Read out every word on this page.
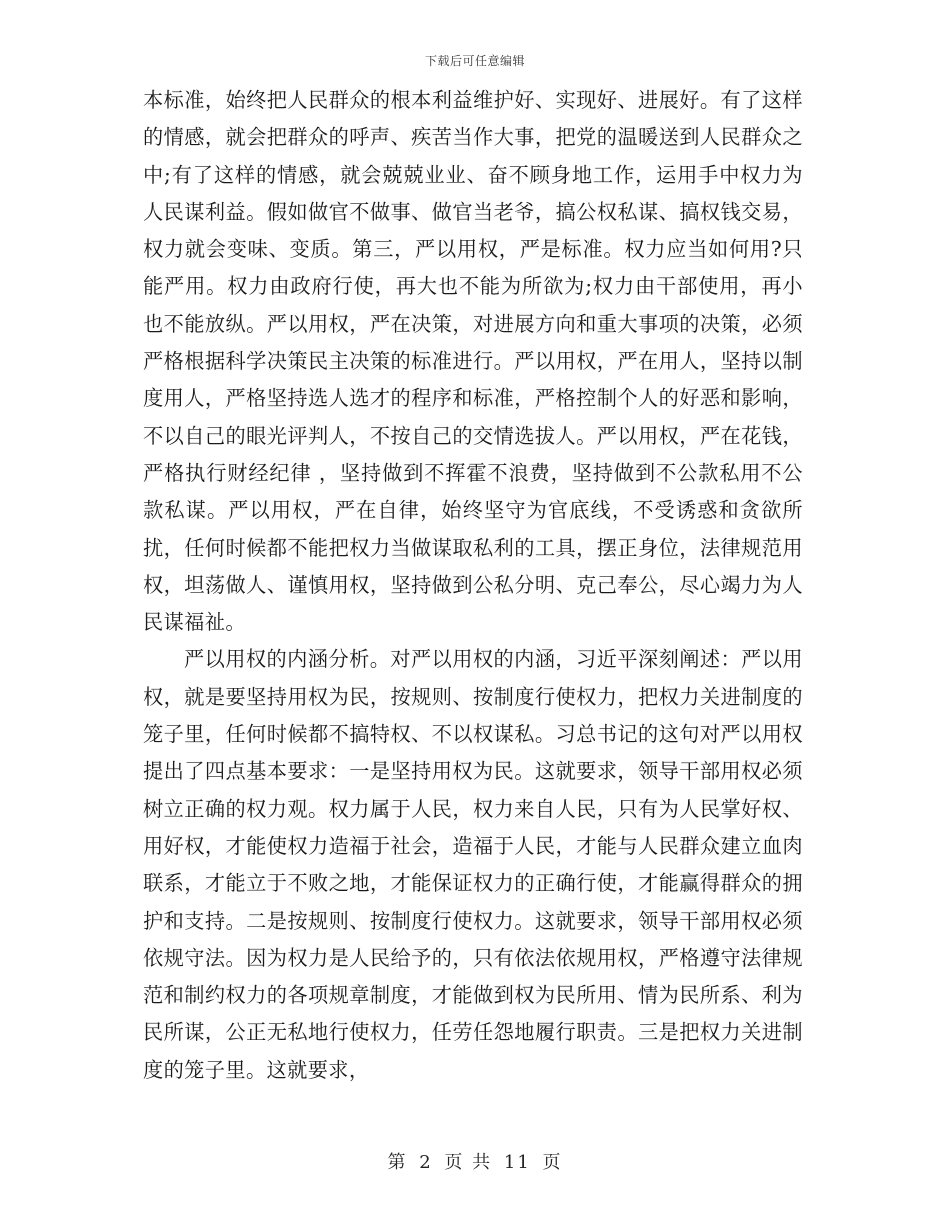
下载后可任意编辑

本标准，始终把人民群众的根本利益维护好、实现好、进展好。有了这样的情感，就会把群众的呼声、疾苦当作大事，把党的温暖送到人民群众之中;有了这样的情感，就会兢兢业业、奋不顾身地工作，运用手中权力为人民谋利益。假如做官不做事、做官当老爷，搞公权私谋、搞权钱交易，权力就会变味、变质。第三，严以用权，严是标准。权力应当如何用?只能严用。权力由政府行使，再大也不能为所欲为;权力由干部使用，再小也不能放纵。严以用权，严在决策，对进展方向和重大事项的决策，必须严格根据科学决策民主决策的标准进行。严以用权，严在用人，坚持以制度用人，严格坚持选人选才的程序和标准，严格控制个人的好恶和影响，不以自己的眼光评判人，不按自己的交情选拔人。严以用权，严在花钱，严格执行财经纪律 ，坚持做到不挥霍不浪费，坚持做到不公款私用不公款私谋。严以用权，严在自律，始终坚守为官底线，不受诱惑和贪欲所扰，任何时候都不能把权力当做谋取私利的工具，摆正身位，法律规范用权，坦荡做人、谨慎用权，坚持做到公私分明、克己奉公，尽心竭力为人民谋福祉。

严以用权的内涵分析。对严以用权的内涵，习近平深刻阐述：严以用权，就是要坚持用权为民，按规则、按制度行使权力，把权力关进制度的笼子里，任何时候都不搞特权、不以权谋私。习总书记的这句对严以用权提出了四点基本要求：一是坚持用权为民。这就要求，领导干部用权必须树立正确的权力观。权力属于人民，权力来自人民，只有为人民掌好权、用好权，才能使权力造福于社会，造福于人民，才能与人民群众建立血肉联系，才能立于不败之地，才能保证权力的正确行使，才能赢得群众的拥护和支持。二是按规则、按制度行使权力。这就要求，领导干部用权必须依规守法。因为权力是人民给予的，只有依法依规用权，严格遵守法律规范和制约权力的各项规章制度，才能做到权为民所用、情为民所系、利为民所谋，公正无私地行使权力，任劳任怨地履行职责。三是把权力关进制度的笼子里。这就要求，

第 2 页 共 11 页
